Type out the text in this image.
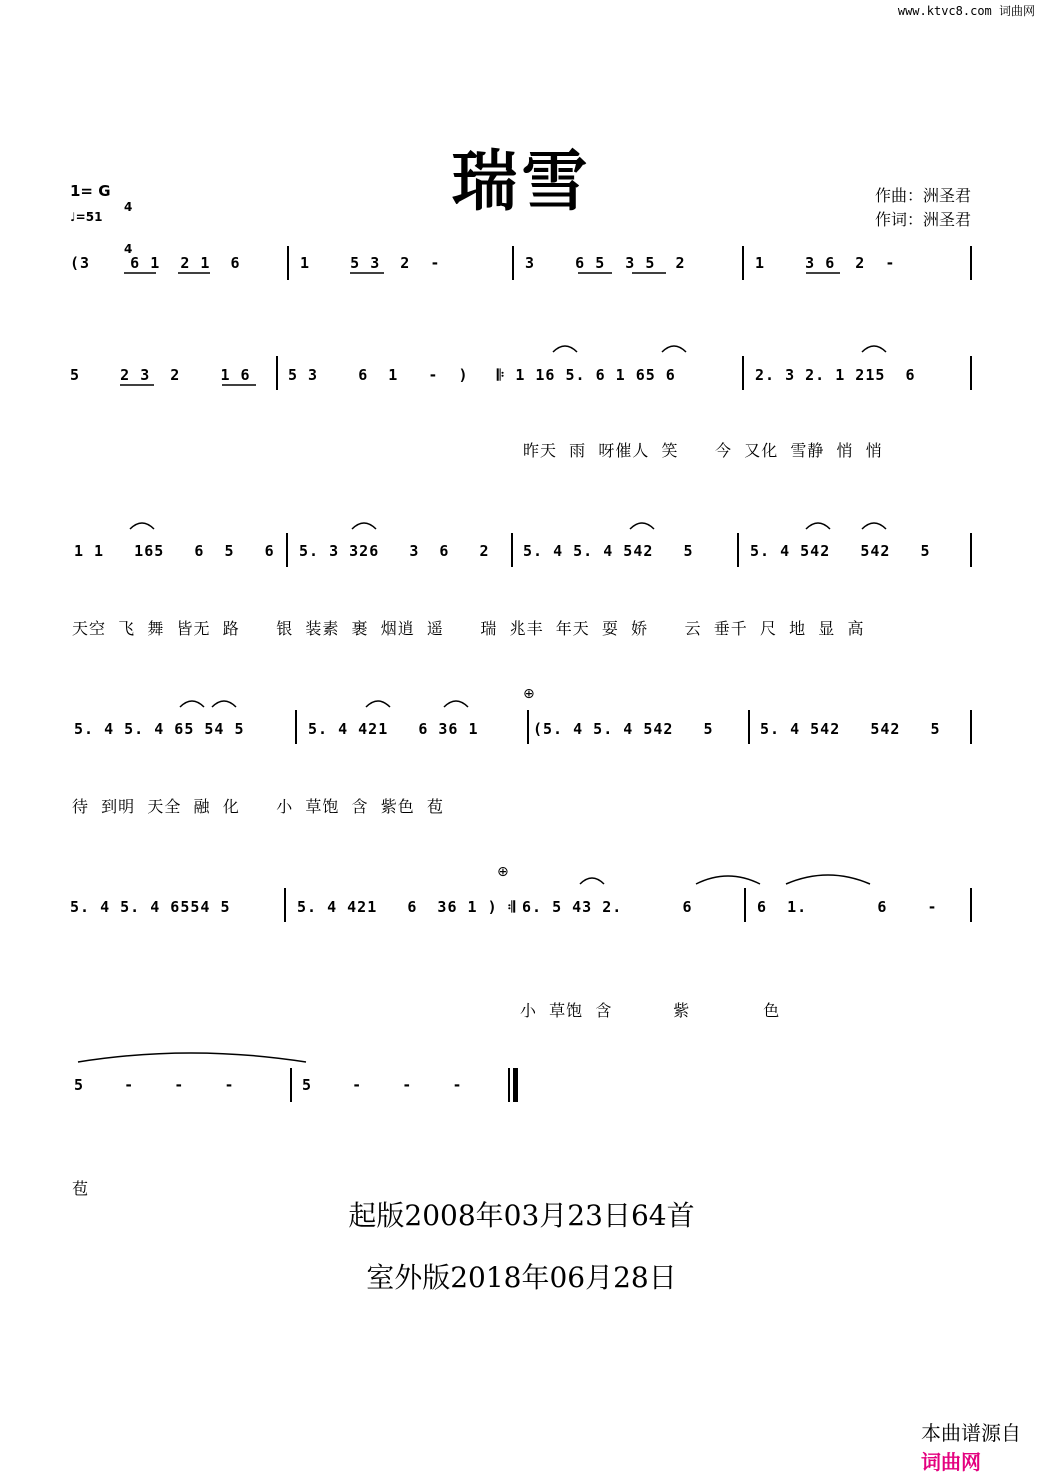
www.ktvc8.com 词曲网
瑞雪	作曲：洲圣君
作词：洲圣君
1= G

4

4

♩=51
(3    6 1  2 1  6	1    5 3  2  -	3    6 5  3 5  2	1    3 6  2  -
5    2 3  2    1 6 5 3    6  1   -  ) 𝄆 1 16 5. 6 1 65 6	2. 3 2. 1 215  6
昨天  雨  呀催人  笑      今  又化  雪静  悄  悄
1 1   165   6  5   6 5. 3 326   3  6   2 5. 4 5. 4 542   5	5. 4 542   542   5
天空  飞  舞  皆无  路      银  装素  裹  烟逍  遥      瑞  兆丰  年天  耍  娇      云  垂千  尺  地  显  高
5. 4 5. 4 65 54 5	5. 4 421   6 36 1	(5. 4 5. 4 542   5	5. 4 542   542   5
待  到明  天全  融  化      小  草饱  含  紫色  苞
5. 4 5. 4 6554 5	5. 4 421   6  36 1 ) 𝄇 6. 5 43 2.      6	6  1.       6    -
小  草饱  含          紫            色
5    -    -    -	5    -    -    -
苞
⊕
⊕
起版2008年03月23日64首
室外版2018年06月28日

本曲谱源自
词曲网
